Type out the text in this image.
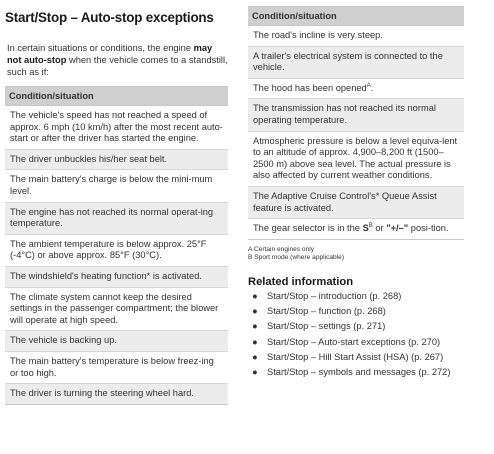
Start/Stop – Auto-stop exceptions

In certain situations or conditions, the engine may not auto-stop when the vehicle comes to a standstill, such as if:

Condition/situation
The vehicle's speed has not reached a speed of approx. 6 mph (10 km/h) after the most recent auto-start or after the driver has started the engine.
The driver unbuckles his/her seat belt.
The main battery's charge is below the mini-mum level.
The engine has not reached its normal operat-ing temperature.
The ambient temperature is below approx. 25°F (-4°C) or above approx. 85°F (30°C).
The windshield's heating function* is activated.
The climate system cannot keep the desired settings in the passenger compartment; the blower will operate at high speed.
The vehicle is backing up.
The main battery's temperature is below freez-ing or too high.
The driver is turning the steering wheel hard.
Condition/situation
The road's incline is very steep.
A trailer's electrical system is connected to the vehicle.
The hood has been opened$^A$.
The transmission has not reached its normal operating temperature.
Atmospheric pressure is below a level equiva-lent to an altitude of approx. 4,900–8,200 ft (1500–2500 m) above sea level. The actual pressure is also affected by current weather conditions.
The Adaptive Cruise Control's* Queue Assist feature is activated.
The gear selector is in the $S^B$ or "+/–" posi-tion.
A Certain engines only
B Sport mode (where applicable)
Related information
● Start/Stop – introduction (p. 268)
● Start/Stop – function (p. 268)
● Start/Stop – settings (p. 271)
● Start/Stop – Auto-start exceptions (p. 270)
● Start/Stop – Hill Start Assist (HSA) (p. 267)
● Start/Stop – symbols and messages (p. 272)
